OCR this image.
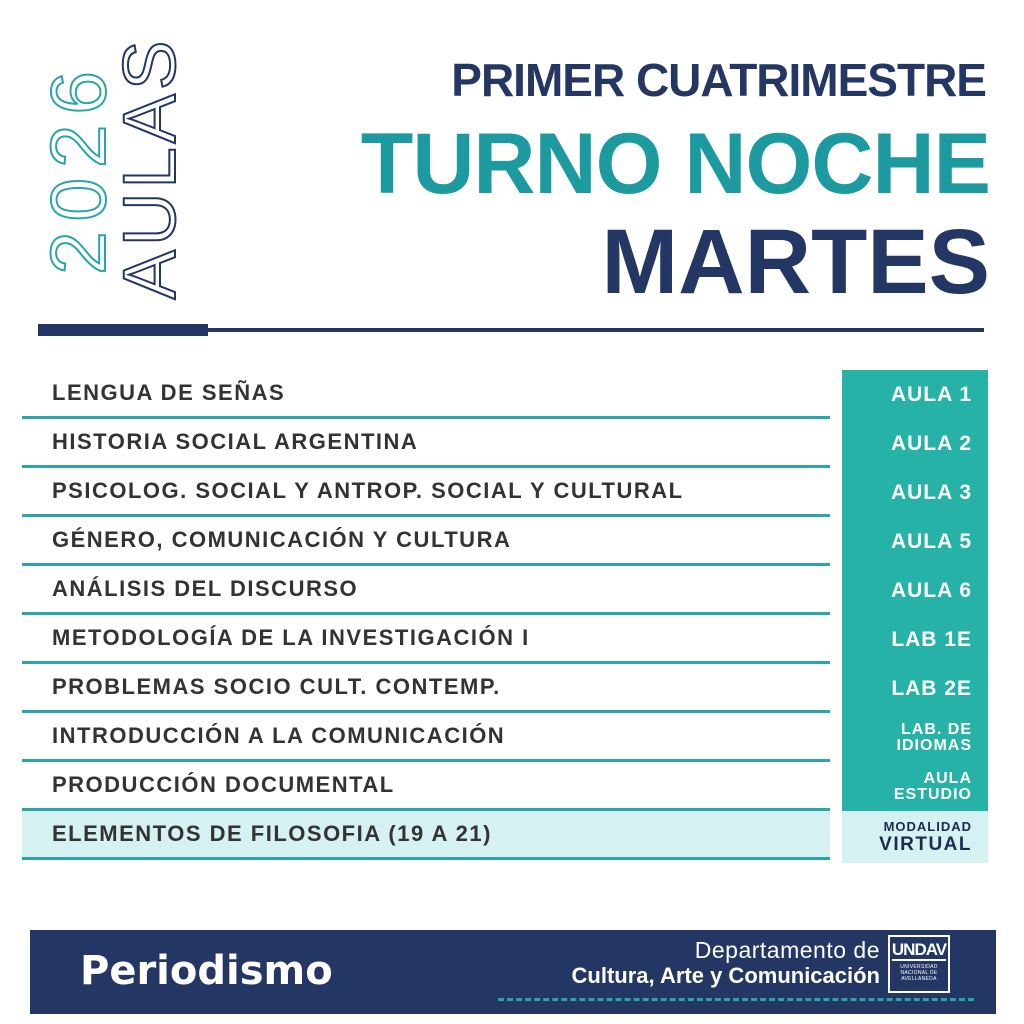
2026
AULAS	PRIMER CUATRIMESTRE
TURNO NOCHE
MARTES
LENGUA DE SEÑAS
HISTORIA SOCIAL ARGENTINA
PSICOLOG. SOCIAL Y ANTROP. SOCIAL Y CULTURAL
GÉNERO, COMUNICACIÓN Y CULTURA
ANÁLISIS DEL DISCURSO
METODOLOGÍA DE LA INVESTIGACIÓN I
PROBLEMAS SOCIO CULT. CONTEMP.
INTRODUCCIÓN A LA COMUNICACIÓN
PRODUCCIÓN DOCUMENTAL
ELEMENTOS DE FILOSOFIA (19 A 21)
AULA 1
AULA 2
AULA 3
AULA 5
AULA 6
LAB 1E
LAB 2E
LAB. DE
IDIOMAS
AULA
ESTUDIO
MODALIDAD
VIRTUAL
Periodismo	Departamento de
Cultura, Arte y Comunicación
UNDAV
UNIVERSIDAD NACIONAL DE AVELLANEDA
